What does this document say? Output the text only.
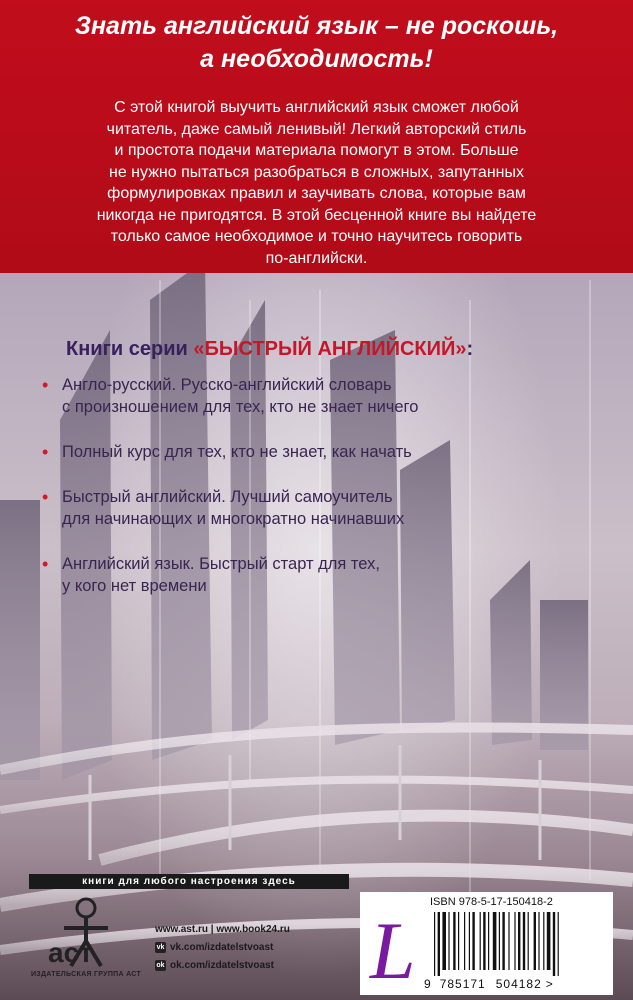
Знать английский язык – не роскошь,
а необходимость!

С этой книгой выучить английский язык сможет любой
читатель, даже самый ленивый! Легкий авторский стиль
и простота подачи материала помогут в этом. Больше
не нужно пытаться разобраться в сложных, запутанных
формулировках правил и заучивать слова, которые вам
никогда не пригодятся. В этой бесценной книге вы найдете
только самое необходимое и точно научитесь говорить
по-английски.

Книги серии «БЫСТРЫЙ АНГЛИЙСКИЙ»:
• Англо-русский. Русско-английский словарь
с произношением для тех, кто не знает ничего
• Полный курс для тех, кто не знает, как начать
• Быстрый английский. Лучший самоучитель
для начинающих и многократно начинавших
• Английский язык. Быстрый старт для тех,
у кого нет времени
книги для любого настроения здесь
аст
ИЗДАТЕЛЬСКАЯ ГРУППА АСТ
www.ast.ru | www.book24.ru
vk vk.com/izdatelstvoast
ok ok.com/izdatelstvoast L
ISBN 978-5-17-150418-2
9 785171 504182 >
